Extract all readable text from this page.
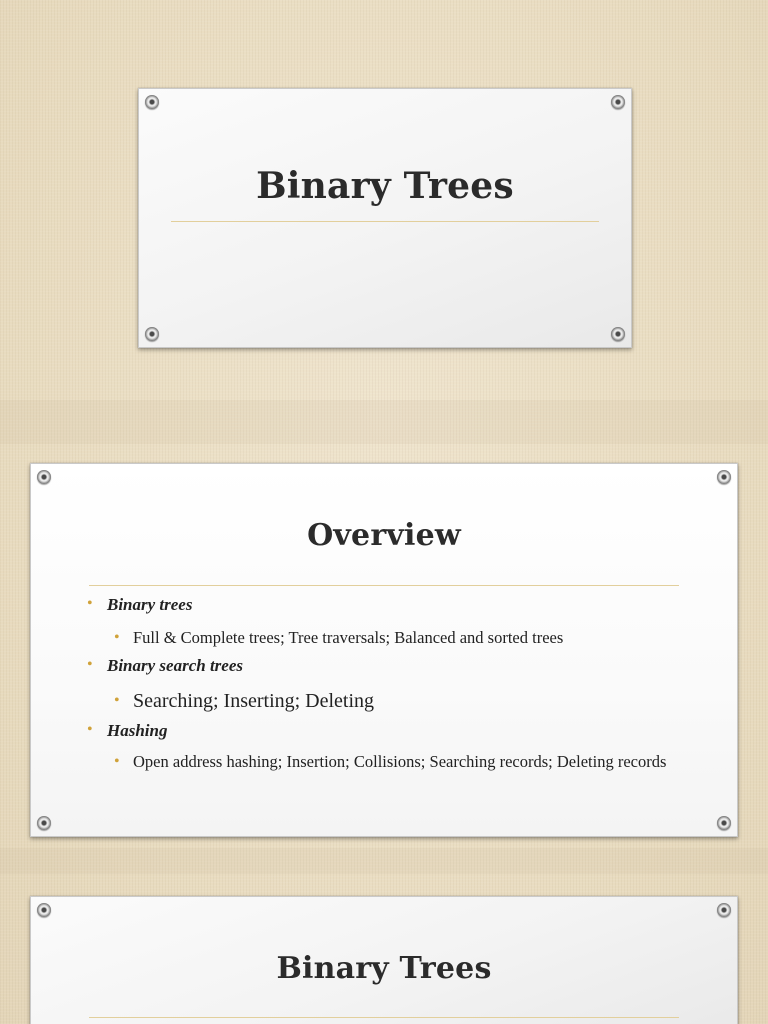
Binary Trees
Overview
• Binary trees
• Full & Complete trees; Tree traversals; Balanced and sorted trees
• Binary search trees
• Searching; Inserting; Deleting
• Hashing
• Open address hashing; Insertion; Collisions; Searching records; Deleting records
Binary Trees
